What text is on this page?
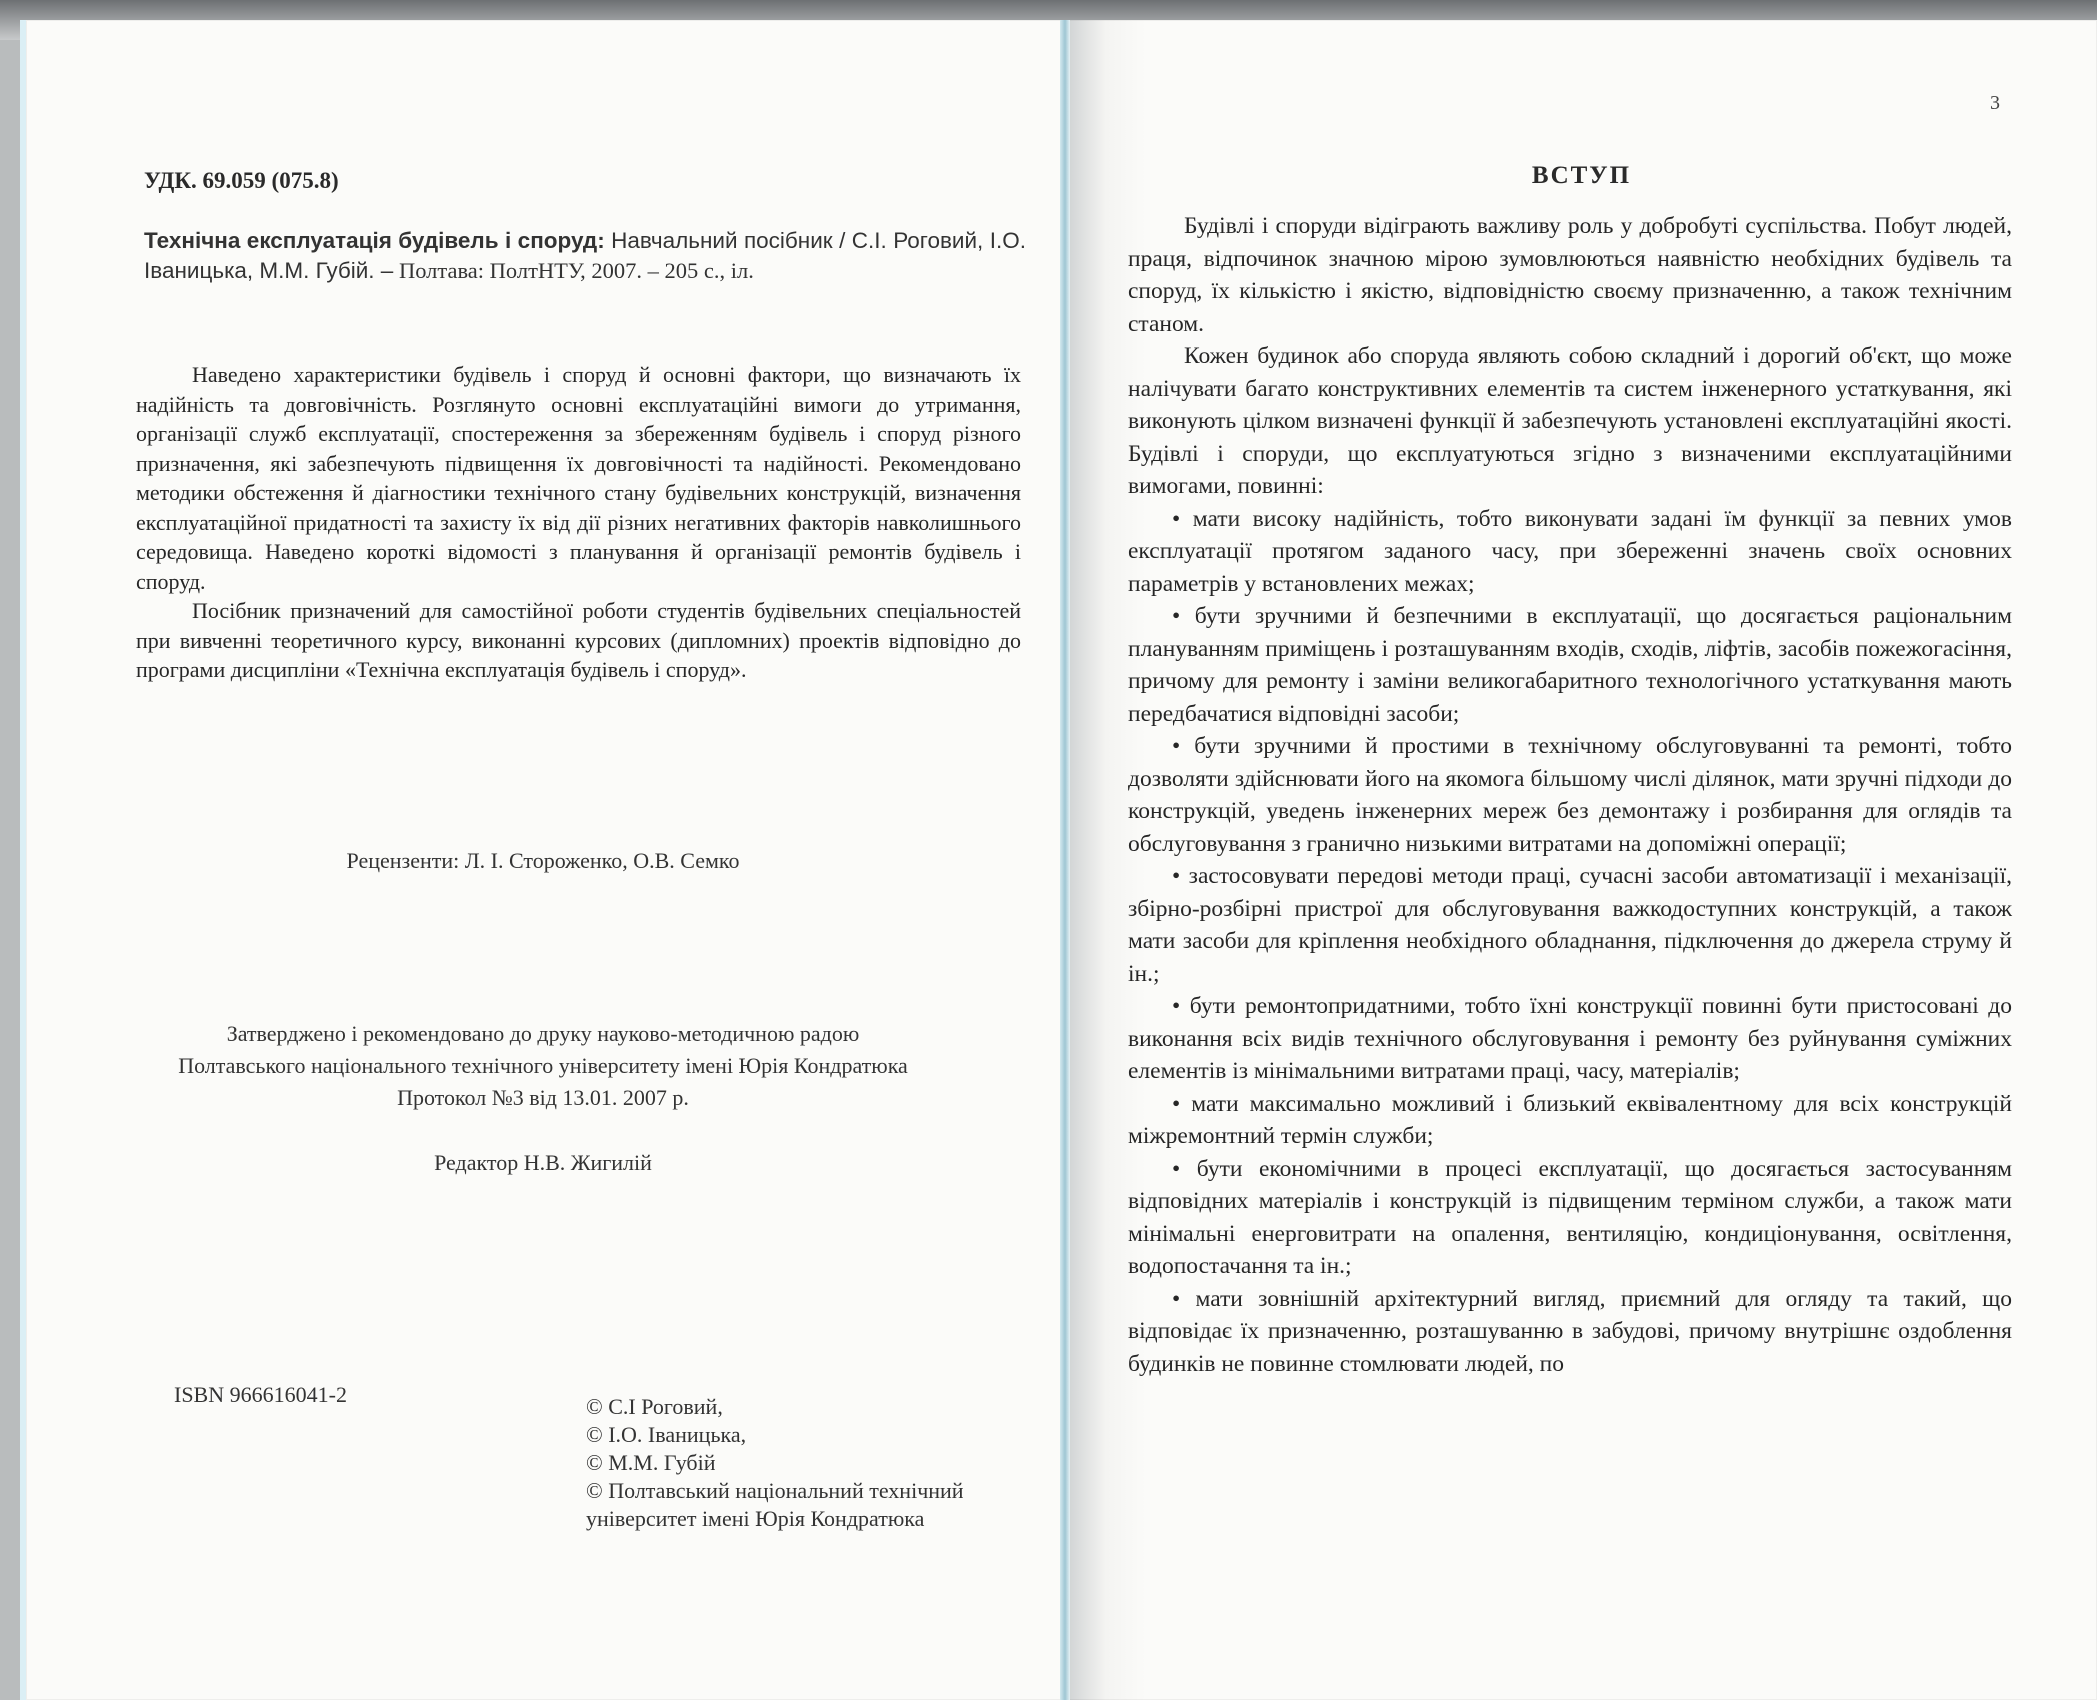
УДК. 69.059 (075.8)
Технічна експлуатація будівель і споруд: Навчальний посібник / С.І. Роговий, І.О. Іваницька, М.М. Губій. – Полтава: ПолтНТУ, 2007. – 205 с., іл.

Наведено характеристики будівель і споруд й основні фактори, що визначають їх надійність та довговічність. Розглянуто основні експлуатаційні вимоги до утримання, організації служб експлуатації, спостереження за збереженням будівель і споруд різного призначення, які забезпечують підвищення їх довговічності та надійності. Рекомендовано методики обстеження й діагностики технічного стану будівельних конструкцій, визначення експлуатаційної придатності та захисту їх від дії різних негативних факторів навколишнього середовища. Наведено короткі відомості з планування й організації ремонтів будівель і споруд.

Посібник призначений для самостійної роботи студентів будівельних спеціальностей при вивченні теоретичного курсу, виконанні курсових (дипломних) проектів відповідно до програми дисципліни «Технічна експлуатація будівель і споруд».

Рецензенти: Л. І. Стороженко, О.В. Семко
Затверджено і рекомендовано до друку науково-методичною радою
Полтавського національного технічного університету імені Юрія Кондратюка
Протокол №3 від 13.01. 2007 р.
Редактор Н.В. Жигилій
ISBN 966616041-2	© С.І Роговий,
© І.О. Іваницька,
© М.М. Губій
© Полтавський національний технічний
університет імені Юрія Кондратюка
3
ВСТУП

Будівлі і споруди відіграють важливу роль у добробуті суспільства. Побут людей, праця, відпочинок значною мірою зумовлюються наявністю необхідних будівель та споруд, їх кількістю і якістю, відповідністю своєму призначенню, а також технічним станом.

Кожен будинок або споруда являють собою складний і дорогий об'єкт, що може налічувати багато конструктивних елементів та систем інженерного устаткування, які виконують цілком визначені функції й забезпечують установлені експлуатаційні якості. Будівлі і споруди, що експлуатуються згідно з визначеними експлуатаційними вимогами, повинні:

• мати високу надійність, тобто виконувати задані їм функції за певних умов експлуатації протягом заданого часу, при збереженні значень своїх основних параметрів у встановлених межах;

• бути зручними й безпечними в експлуатації, що досягається раціональним плануванням приміщень і розташуванням входів, сходів, ліфтів, засобів пожежогасіння, причому для ремонту і заміни великогабаритного технологічного устаткування мають передбачатися відповідні засоби;

• бути зручними й простими в технічному обслуговуванні та ремонті, тобто дозволяти здійснювати його на якомога більшому числі ділянок, мати зручні підходи до конструкцій, уведень інженерних мереж без демонтажу і розбирання для оглядів та обслуговування з гранично низькими витратами на допоміжні операції;

• застосовувати передові методи праці, сучасні засоби автоматизації і механізації, збірно-розбірні пристрої для обслуговування важкодоступних конструкцій, а також мати засоби для кріплення необхідного обладнання, підключення до джерела струму й ін.;

• бути ремонтопридатними, тобто їхні конструкції повинні бути пристосовані до виконання всіх видів технічного обслуговування і ремонту без руйнування суміжних елементів із мінімальними витратами праці, часу, матеріалів;

• мати максимально можливий і близький еквівалентному для всіх конструкцій міжремонтний термін служби;

• бути економічними в процесі експлуатації, що досягається застосуванням відповідних матеріалів і конструкцій із підвищеним терміном служби, а також мати мінімальні енерговитрати на опалення, вентиляцію, кондиціонування, освітлення, водопостачання та ін.;

• мати зовнішній архітектурний вигляд, приємний для огляду та такий, що відповідає їх призначенню, розташуванню в забудові, причому внутрішнє оздоблення будинків не повинне стомлювати людей, по
